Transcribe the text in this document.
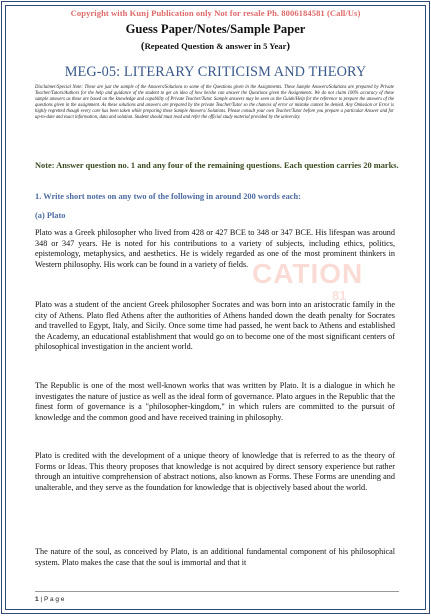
Copyright with Kunj Publication only Not for resale Ph. 8006184581 (Call/Us)
Guess Paper/Notes/Sample Paper
(Repeated Question & answer in 5 Year)
MEG-05: LITERARY CRITICISM AND THEORY
Disclaimer/Special Note: These are just the sample of the Answers/Solutions to some of the Questions given in the Assignments. These Sample Answers/Solutions are prepared by Private Teacher/Tutors/Authors for the help and guidance of the student to get an idea of how he/she can answer the Questions given the Assignments. We do not claim 100% accuracy of these sample answers as these are based on the knowledge and capability of Private Teacher/Tutor. Sample answers may be seen as the Guide/Help for the reference to prepare the answers of the questions given in the assignment. As these solutions and answers are prepared by the private Teacher/Tutor so the chances of error or mistake cannot be denied. Any Omission or Error is highly regretted though every care has been taken while preparing these Sample Answers/ Solutions. Please consult your own Teacher/Tutor before you prepare a particular Answer and for up-to-date and exact information, data and solution. Student should must read and refer the official study material provided by the university.
Note: Answer question no. 1 and any four of the remaining questions. Each question carries 20 marks.
1. Write short notes on any two of the following in around 200 words each:
(a) Plato
CATION
81
Plato was a Greek philosopher who lived from 428 or 427 BCE to 348 or 347 BCE. His lifespan was around 348 or 347 years. He is noted for his contributions to a variety of subjects, including ethics, politics, epistemology, metaphysics, and aesthetics. He is widely regarded as one of the most prominent thinkers in Western philosophy. His work can be found in a variety of fields.
Plato was a student of the ancient Greek philosopher Socrates and was born into an aristocratic family in the city of Athens. Plato fled Athens after the authorities of Athens handed down the death penalty for Socrates and travelled to Egypt, Italy, and Sicily. Once some time had passed, he went back to Athens and established the Academy, an educational establishment that would go on to become one of the most significant centers of philosophical investigation in the ancient world.
The Republic is one of the most well-known works that was written by Plato. It is a dialogue in which he investigates the nature of justice as well as the ideal form of governance. Plato argues in the Republic that the finest form of governance is a "philosopher-kingdom," in which rulers are committed to the pursuit of knowledge and the common good and have received training in philosophy.
Plato is credited with the development of a unique theory of knowledge that is referred to as the theory of Forms or Ideas. This theory proposes that knowledge is not acquired by direct sensory experience but rather through an intuitive comprehension of abstract notions, also known as Forms. These Forms are unending and unalterable, and they serve as the foundation for knowledge that is objectively based about the world.
The nature of the soul, as conceived by Plato, is an additional fundamental component of his philosophical system. Plato makes the case that the soul is immortal and that it
1 | P a g e
